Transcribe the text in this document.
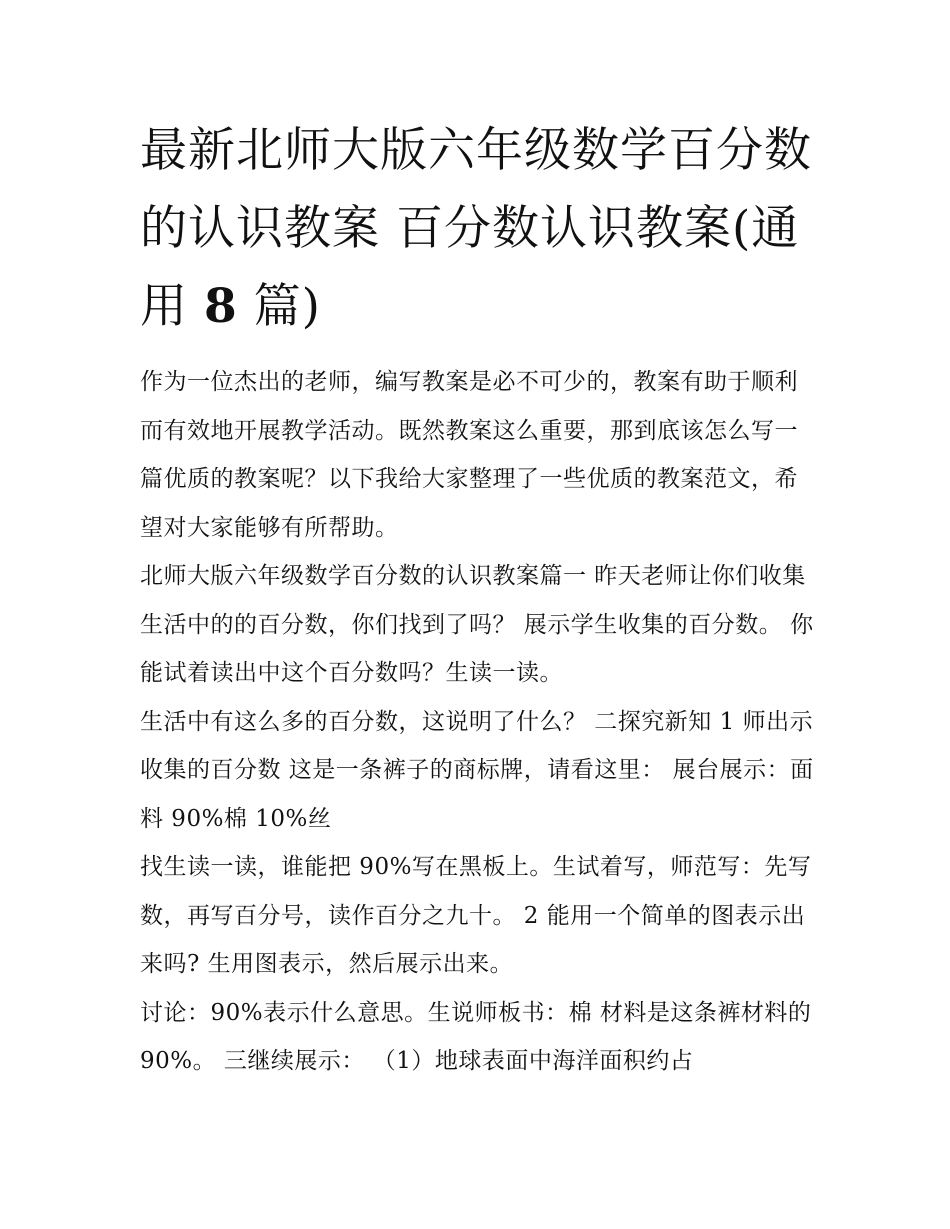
最新北师大版六年级数学百分数的认识教案 百分数认识教案(通用 8 篇)

作为一位杰出的老师，编写教案是必不可少的，教案有助于顺利而有效地开展教学活动。既然教案这么重要，那到底该怎么写一篇优质的教案呢？以下我给大家整理了一些优质的教案范文，希望对大家能够有所帮助。

北师大版六年级数学百分数的认识教案篇一 昨天老师让你们收集生活中的的百分数，你们找到了吗？ 展示学生收集的百分数。 你能试着读出中这个百分数吗？生读一读。

生活中有这么多的百分数，这说明了什么？ 二探究新知 1 师出示收集的百分数 这是一条裤子的商标牌，请看这里： 展台展示：面料 90%棉 10%丝

找生读一读，谁能把 90%写在黑板上。生试着写，师范写：先写数，再写百分号，读作百分之九十。 2 能用一个简单的图表示出来吗? 生用图表示，然后展示出来。

讨论：90%表示什么意思。生说师板书：棉 材料是这条裤材料的 90%。 三继续展示： （1）地球表面中海洋面积约占
